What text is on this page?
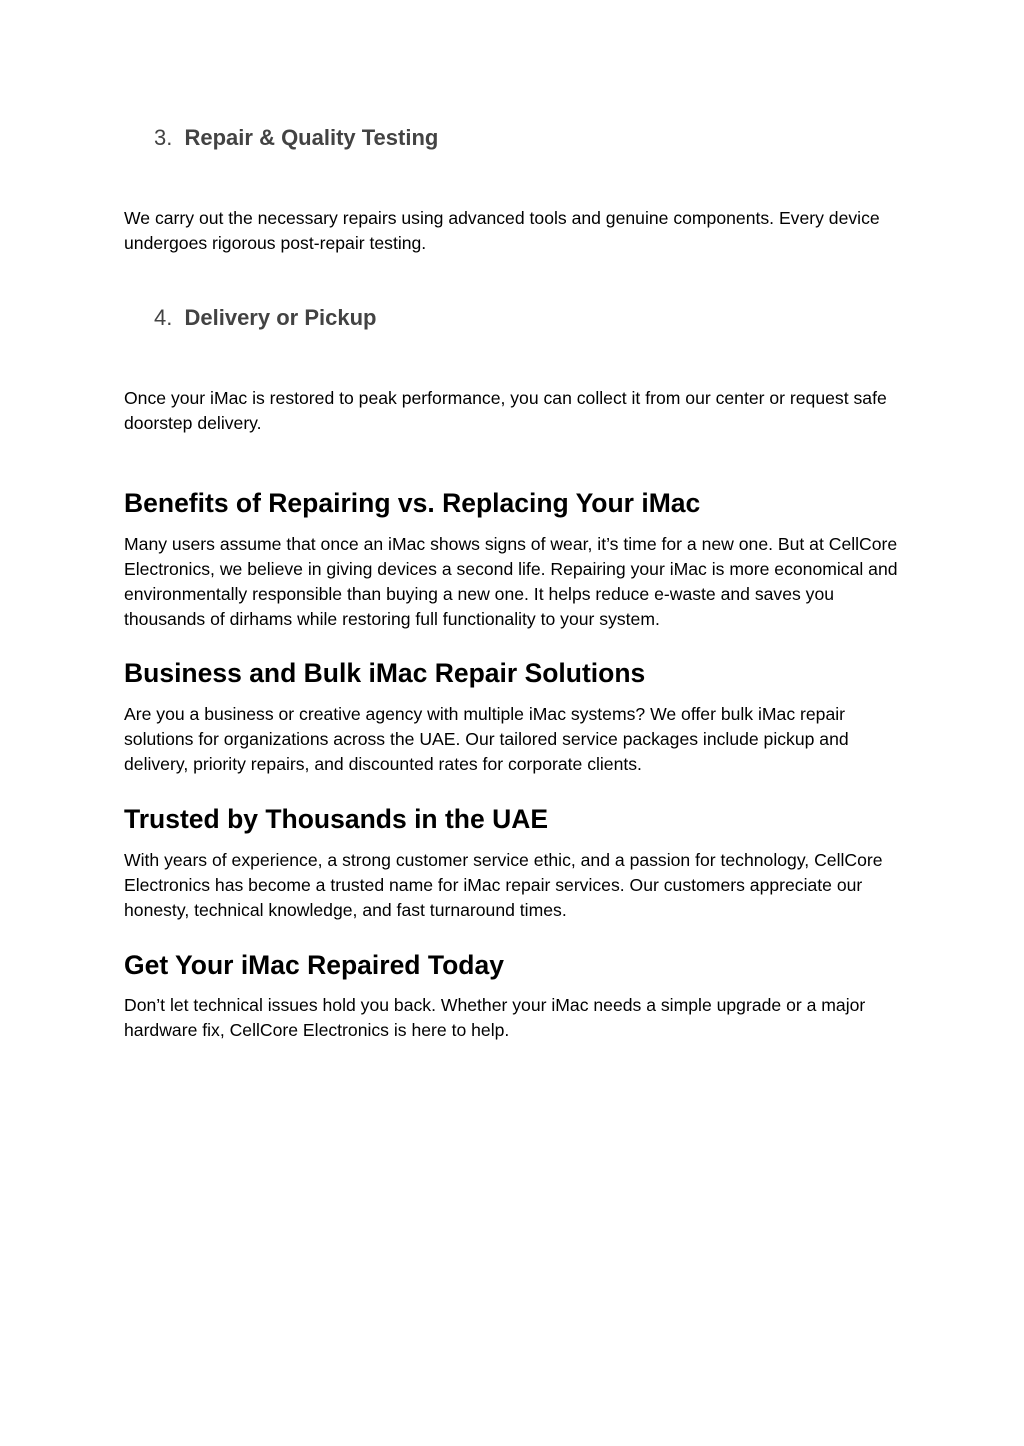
3. Repair & Quality Testing

We carry out the necessary repairs using advanced tools and genuine components. Every device undergoes rigorous post-repair testing.

4. Delivery or Pickup

Once your iMac is restored to peak performance, you can collect it from our center or request safe doorstep delivery.

Benefits of Repairing vs. Replacing Your iMac

Many users assume that once an iMac shows signs of wear, it’s time for a new one. But at CellCore Electronics, we believe in giving devices a second life. Repairing your iMac is more economical and environmentally responsible than buying a new one. It helps reduce e-waste and saves you thousands of dirhams while restoring full functionality to your system.

Business and Bulk iMac Repair Solutions

Are you a business or creative agency with multiple iMac systems? We offer bulk iMac repair solutions for organizations across the UAE. Our tailored service packages include pickup and delivery, priority repairs, and discounted rates for corporate clients.

Trusted by Thousands in the UAE

With years of experience, a strong customer service ethic, and a passion for technology, CellCore Electronics has become a trusted name for iMac repair services. Our customers appreciate our honesty, technical knowledge, and fast turnaround times.

Get Your iMac Repaired Today

Don’t let technical issues hold you back. Whether your iMac needs a simple upgrade or a major hardware fix, CellCore Electronics is here to help.
